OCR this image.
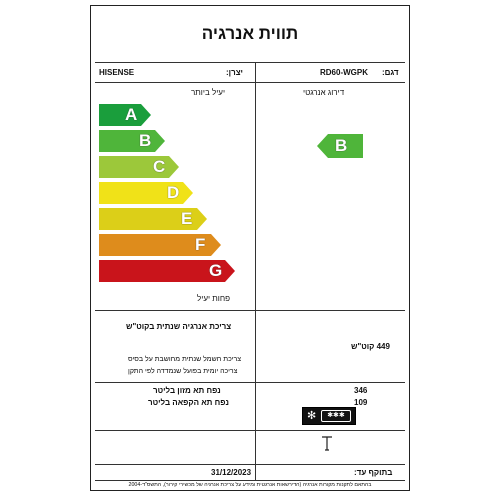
תווית אנרגיה
HISENSE	יצרן:	RD60-WGPK דגם:
יעיל ביותר	דירוג אנרגטי
A
B
C
D
E
F
G
פחות יעיל
B
צריכת אנרגיה שנתית בקוט"ש
449 קוט"ש
צריכת חשמל שנתית מחושבת על בסיס
צריכה יומית בפועל שנמדדה לפי התקן
נפח תא מזון בליטר
נפח תא הקפאה בליטר
346
109
✻	✱✱✱
31/12/2023	בתוקף עד:
בהתאם לתקנות מקורות אנרגיה (הדירשאות אנרגטית ומידע על צריכת אנרגיה של מכשירי קירור), התשס"ד-2004
